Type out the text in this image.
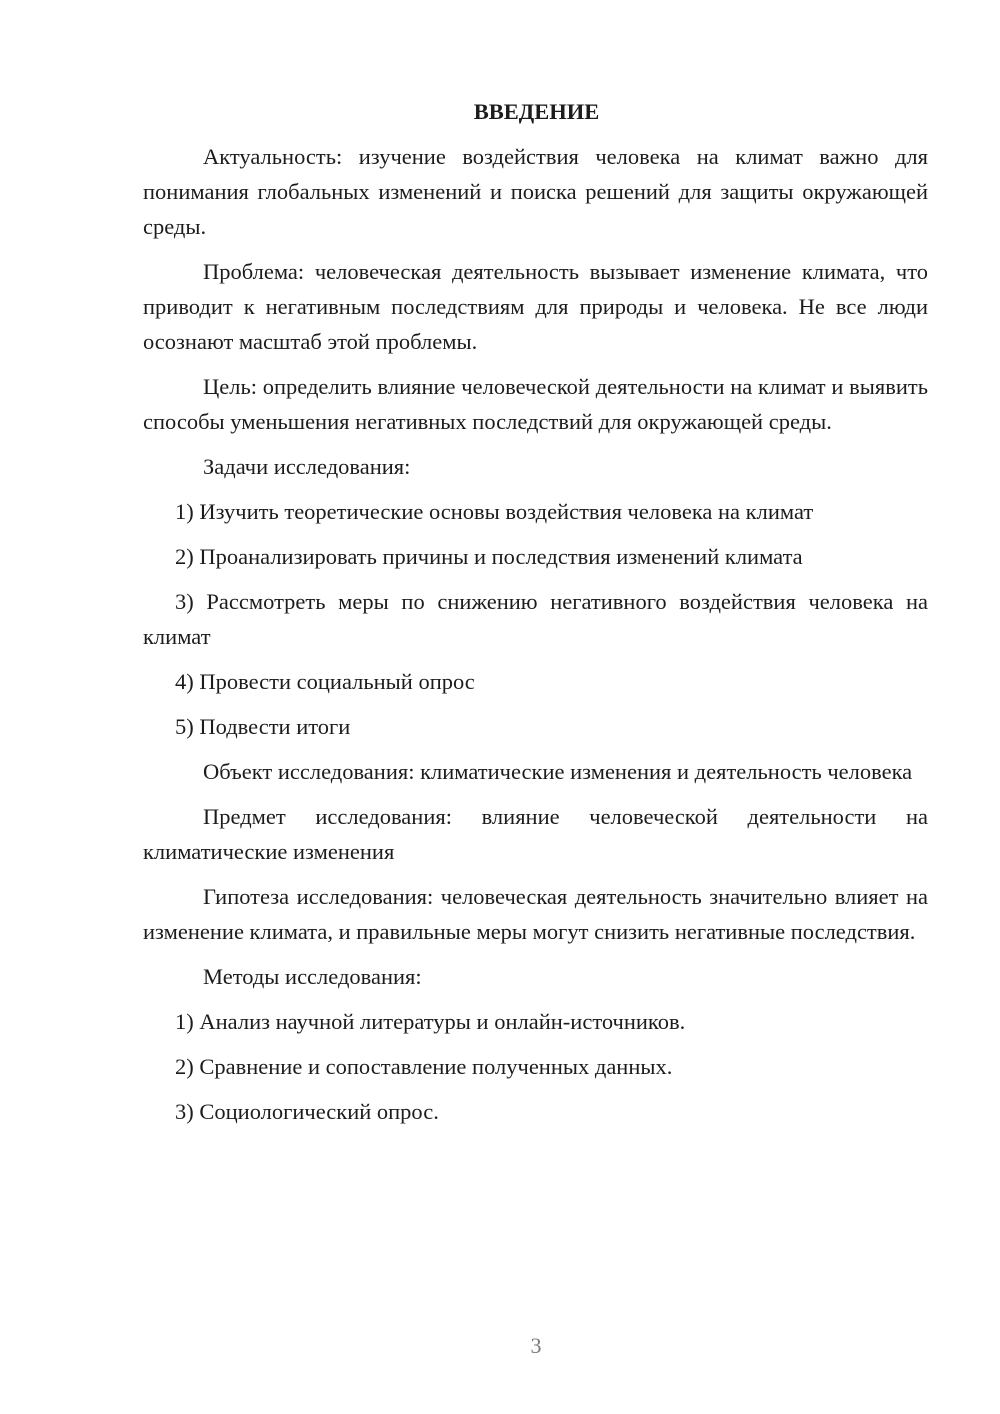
ВВЕДЕНИЕ

Актуальность: изучение воздействия человека на климат важно для понимания глобальных изменений и поиска решений для защиты окружающей среды.

Проблема: человеческая деятельность вызывает изменение климата, что приводит к негативным последствиям для природы и человека. Не все люди осознают масштаб этой проблемы.

Цель: определить влияние человеческой деятельности на климат и выявить способы уменьшения негативных последствий для окружающей среды.

Задачи исследования:

1) Изучить теоретические основы воздействия человека на климат

2) Проанализировать причины и последствия изменений климата

3) Рассмотреть меры по снижению негативного воздействия человека на климат

4) Провести социальный опрос

5) Подвести итоги

Объект исследования: климатические изменения и деятельность человека

Предмет исследования: влияние человеческой деятельности на климатические изменения

Гипотеза исследования: человеческая деятельность значительно влияет на изменение климата, и правильные меры могут снизить негативные последствия.

Методы исследования:

1) Анализ научной литературы и онлайн-источников.

2) Сравнение и сопоставление полученных данных.

3) Социологический опрос.

3
